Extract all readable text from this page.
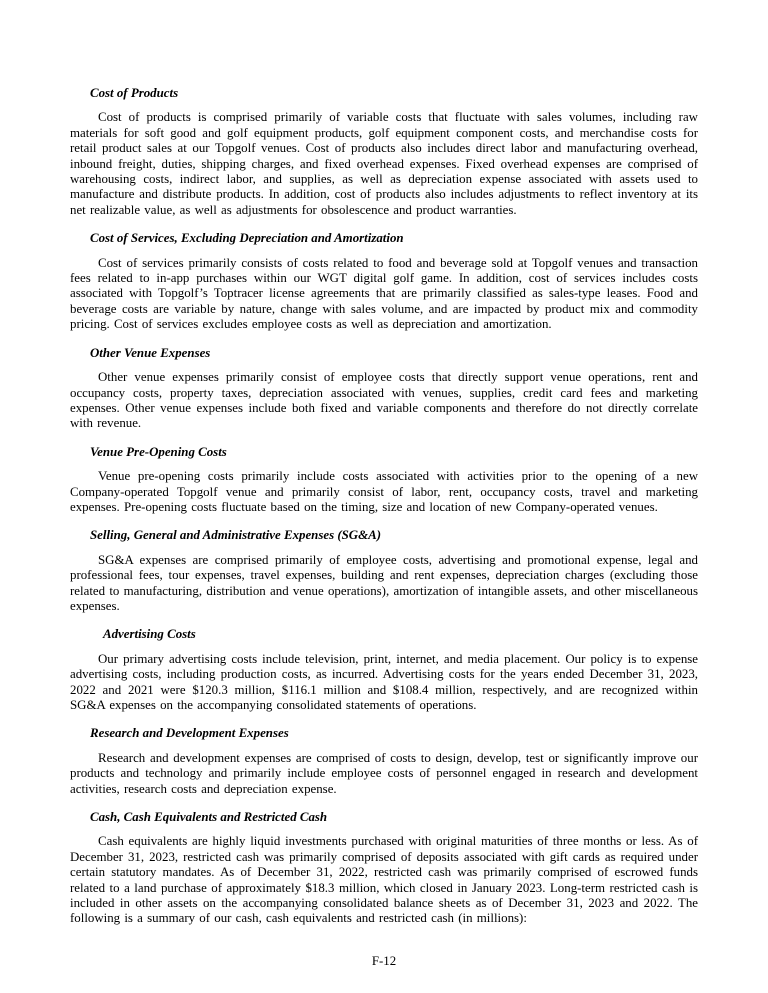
Cost of Products

Cost of products is comprised primarily of variable costs that fluctuate with sales volumes, including raw materials for soft good and golf equipment products, golf equipment component costs, and merchandise costs for retail product sales at our Topgolf venues. Cost of products also includes direct labor and manufacturing overhead, inbound freight, duties, shipping charges, and fixed overhead expenses. Fixed overhead expenses are comprised of warehousing costs, indirect labor, and supplies, as well as depreciation expense associated with assets used to manufacture and distribute products. In addition, cost of products also includes adjustments to reflect inventory at its net realizable value, as well as adjustments for obsolescence and product warranties.

Cost of Services, Excluding Depreciation and Amortization

Cost of services primarily consists of costs related to food and beverage sold at Topgolf venues and transaction fees related to in-app purchases within our WGT digital golf game. In addition, cost of services includes costs associated with Topgolf’s Toptracer license agreements that are primarily classified as sales-type leases. Food and beverage costs are variable by nature, change with sales volume, and are impacted by product mix and commodity pricing. Cost of services excludes employee costs as well as depreciation and amortization.

Other Venue Expenses

Other venue expenses primarily consist of employee costs that directly support venue operations, rent and occupancy costs, property taxes, depreciation associated with venues, supplies, credit card fees and marketing expenses. Other venue expenses include both fixed and variable components and therefore do not directly correlate with revenue.

Venue Pre-Opening Costs

Venue pre-opening costs primarily include costs associated with activities prior to the opening of a new Company-operated Topgolf venue and primarily consist of labor, rent, occupancy costs, travel and marketing expenses. Pre-opening costs fluctuate based on the timing, size and location of new Company-operated venues.

Selling, General and Administrative Expenses (SG&A)

SG&A expenses are comprised primarily of employee costs, advertising and promotional expense, legal and professional fees, tour expenses, travel expenses, building and rent expenses, depreciation charges (excluding those related to manufacturing, distribution and venue operations), amortization of intangible assets, and other miscellaneous expenses.

Advertising Costs

Our primary advertising costs include television, print, internet, and media placement. Our policy is to expense advertising costs, including production costs, as incurred. Advertising costs for the years ended December 31, 2023, 2022 and 2021 were $120.3 million, $116.1 million and $108.4 million, respectively, and are recognized within SG&A expenses on the accompanying consolidated statements of operations.

Research and Development Expenses

Research and development expenses are comprised of costs to design, develop, test or significantly improve our products and technology and primarily include employee costs of personnel engaged in research and development activities, research costs and depreciation expense.

Cash, Cash Equivalents and Restricted Cash

Cash equivalents are highly liquid investments purchased with original maturities of three months or less. As of December 31, 2023, restricted cash was primarily comprised of deposits associated with gift cards as required under certain statutory mandates. As of December 31, 2022, restricted cash was primarily comprised of escrowed funds related to a land purchase of approximately $18.3 million, which closed in January 2023. Long-term restricted cash is included in other assets on the accompanying consolidated balance sheets as of December 31, 2023 and 2022. The following is a summary of our cash, cash equivalents and restricted cash (in millions):

F-12
